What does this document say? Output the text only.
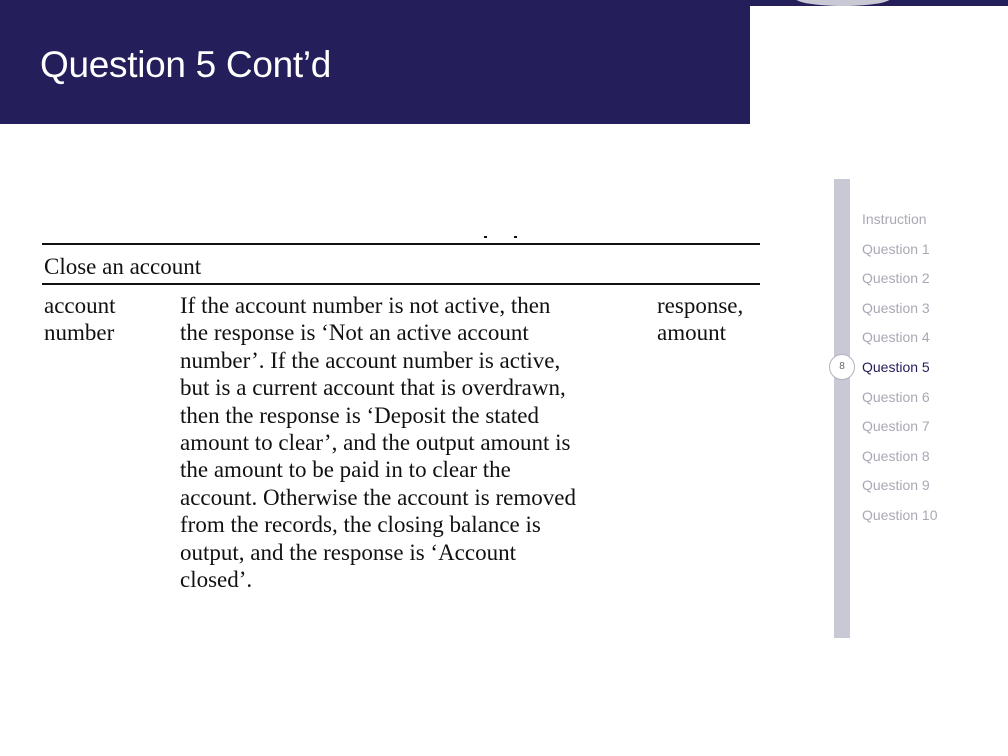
Question 5 Cont’d
Close an account
account
number
If the account number is not active, then
the response is ‘Not an active account
number’. If the account number is active,
but is a current account that is overdrawn,
then the response is ‘Deposit the stated
amount to clear’, and the output amount is
the amount to be paid in to clear the
account. Otherwise the account is removed
from the records, the closing balance is
output, and the response is ‘Account
closed’.
response,
amount
Instruction
Question 1
Question 2
Question 3
Question 4
Question 5
Question 6
Question 7
Question 8
Question 9
Question 10
8
